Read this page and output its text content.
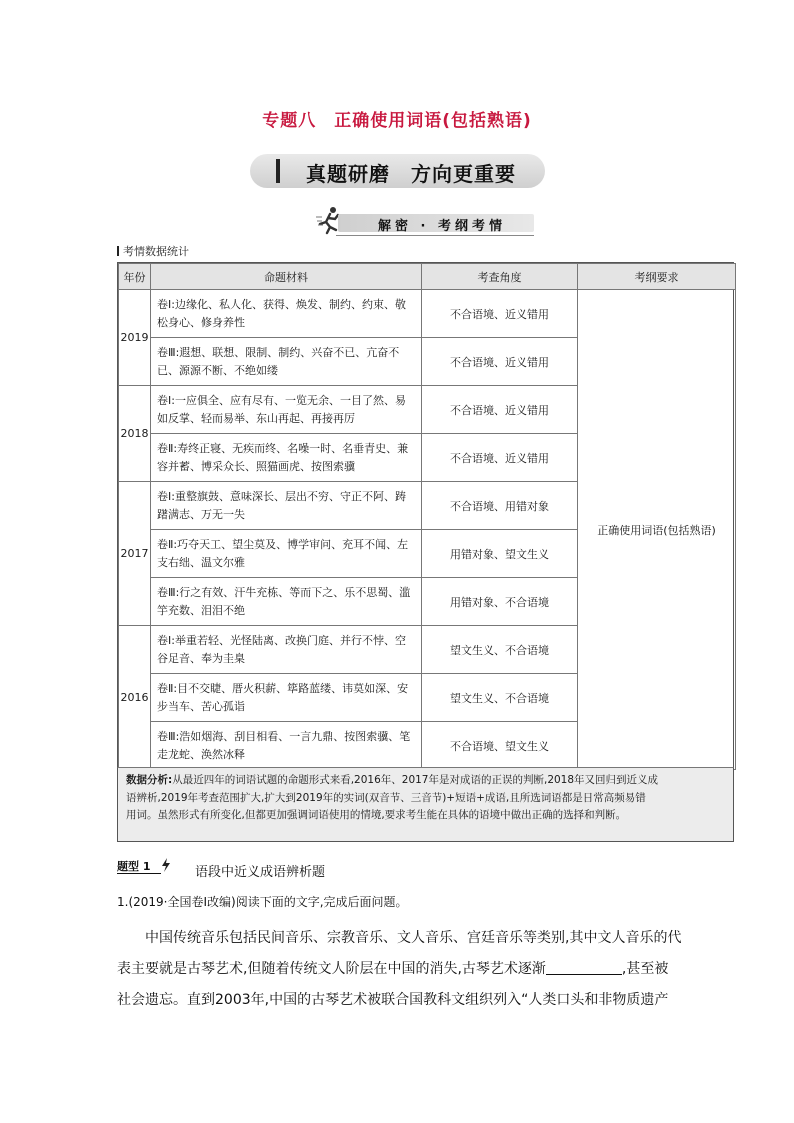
专题八　正确使用词语(包括熟语)
真题研磨　方向更重要
解密 · 考纲考情
考情数据统计
年份	命题材料	考查角度	考纲要求
2019	卷Ⅰ:边缘化、私人化、获得、焕发、制约、约束、敬松身心、修身养性	不合语境、近义错用	正确使用词语(包括熟语)
	卷Ⅲ:遐想、联想、限制、制约、兴奋不已、亢奋不已、源源不断、不绝如缕	不合语境、近义错用	
2018	卷Ⅰ:一应俱全、应有尽有、一览无余、一目了然、易如反掌、轻而易举、东山再起、再接再厉	不合语境、近义错用	
	卷Ⅱ:寿终正寝、无疾而终、名噪一时、名垂青史、兼容并蓄、博采众长、照猫画虎、按图索骥	不合语境、近义错用	
2017	卷Ⅰ:重整旗鼓、意味深长、层出不穷、守正不阿、踌躇满志、万无一失	不合语境、用错对象	
	卷Ⅱ:巧夺天工、望尘莫及、博学审问、充耳不闻、左支右绌、温文尔雅	用错对象、望文生义	
	卷Ⅲ:行之有效、汗牛充栋、等而下之、乐不思蜀、滥竽充数、泪泪不绝	用错对象、不合语境	
2016	卷Ⅰ:举重若轻、光怪陆离、改换门庭、并行不悖、空谷足音、奉为圭臬	望文生义、不合语境	
	卷Ⅱ:目不交睫、厝火积薪、筚路蓝缕、讳莫如深、安步当车、苦心孤诣	望文生义、不合语境	
	卷Ⅲ:浩如烟海、刮目相看、一言九鼎、按图索骥、笔走龙蛇、涣然冰释	不合语境、望文生义	
数据分析:从最近四年的词语试题的命题形式来看,2016年、2017年是对成语的正误的判断,2018年又回归到近义成
语辨析,2019年考查范围扩大,扩大到2019年的实词(双音节、三音节)+短语+成语,且所选词语都是日常高频易错
用词。虽然形式有所变化,但都更加强调词语使用的情境,要求考生能在具体的语境中做出正确的选择和判断。
题型 1	语段中近义成语辨析题
1.(2019·全国卷Ⅰ改编)阅读下面的文字,完成后面问题。
中国传统音乐包括民间音乐、宗教音乐、文人音乐、宫廷音乐等类别,其中文人音乐的代
表主要就是古琴艺术,但随着传统文人阶层在中国的消失,古琴艺术逐渐	,甚至被
社会遗忘。直到2003年,中国的古琴艺术被联合国教科文组织列入“人类口头和非物质遗产
